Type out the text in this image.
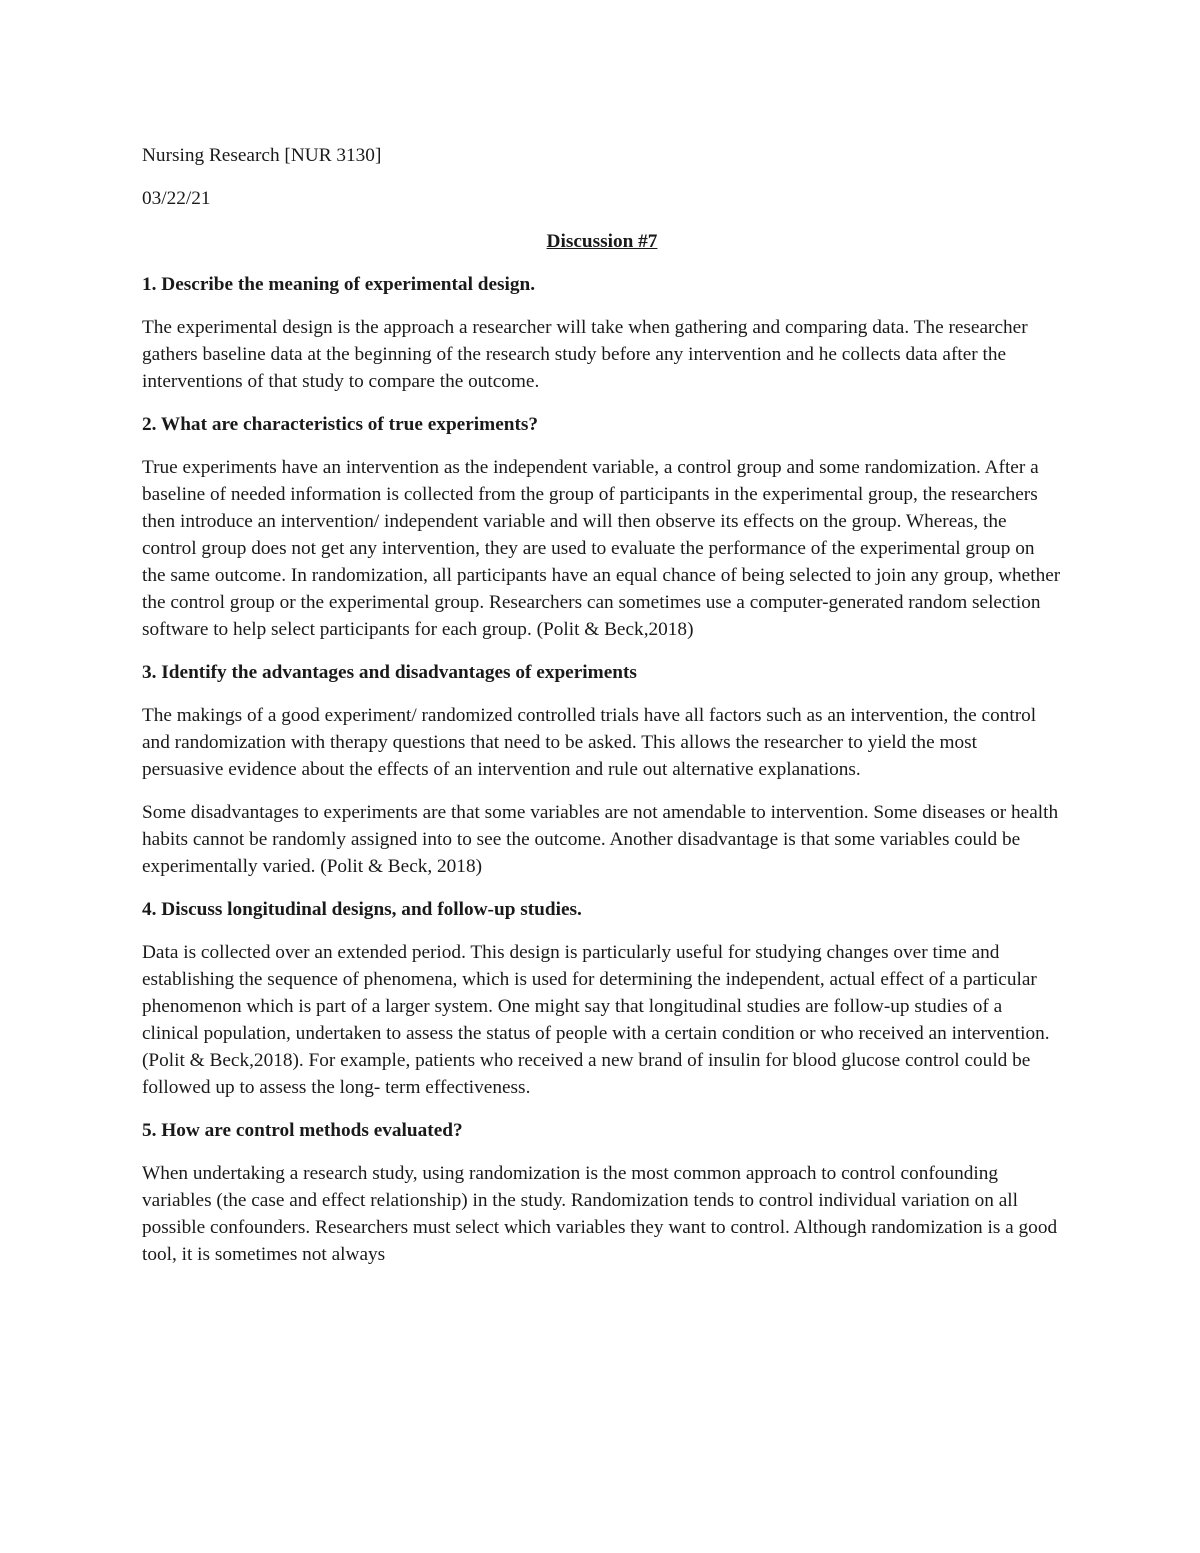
Nursing Research [NUR 3130]
03/22/21
Discussion #7
1. Describe the meaning of experimental design.
The experimental design is the approach a researcher will take when gathering and comparing data. The researcher gathers baseline data at the beginning of the research study before any intervention and he collects data after the interventions of that study to compare the outcome.
2. What are characteristics of true experiments?
True experiments have an intervention as the independent variable, a control group and some randomization. After a baseline of needed information is collected from the group of participants in the experimental group, the researchers then introduce an intervention/ independent variable and will then observe its effects on the group. Whereas, the control group does not get any intervention, they are used to evaluate the performance of the experimental group on the same outcome. In randomization, all participants have an equal chance of being selected to join any group, whether the control group or the experimental group. Researchers can sometimes use a computer-generated random selection software to help select participants for each group. (Polit & Beck,2018)
3. Identify the advantages and disadvantages of experiments
The makings of a good experiment/ randomized controlled trials have all factors such as an intervention, the control and randomization with therapy questions that need to be asked. This allows the researcher to yield the most persuasive evidence about the effects of an intervention and rule out alternative explanations.
Some disadvantages to experiments are that some variables are not amendable to intervention. Some diseases or health habits cannot be randomly assigned into to see the outcome. Another disadvantage is that some variables could be experimentally varied. (Polit & Beck, 2018)
4. Discuss longitudinal designs, and follow-up studies.
Data is collected over an extended period. This design is particularly useful for studying changes over time and establishing the sequence of phenomena, which is used for determining the independent, actual effect of a particular phenomenon which is part of a larger system. One might say that longitudinal studies are follow-up studies of a clinical population, undertaken to assess the status of people with a certain condition or who received an intervention. (Polit & Beck,2018). For example, patients who received a new brand of insulin for blood glucose control could be followed up to assess the long- term effectiveness.
5. How are control methods evaluated?
When undertaking a research study, using randomization is the most common approach to control confounding variables (the case and effect relationship) in the study. Randomization tends to control individual variation on all possible confounders. Researchers must select which variables they want to control. Although randomization is a good tool, it is sometimes not always
